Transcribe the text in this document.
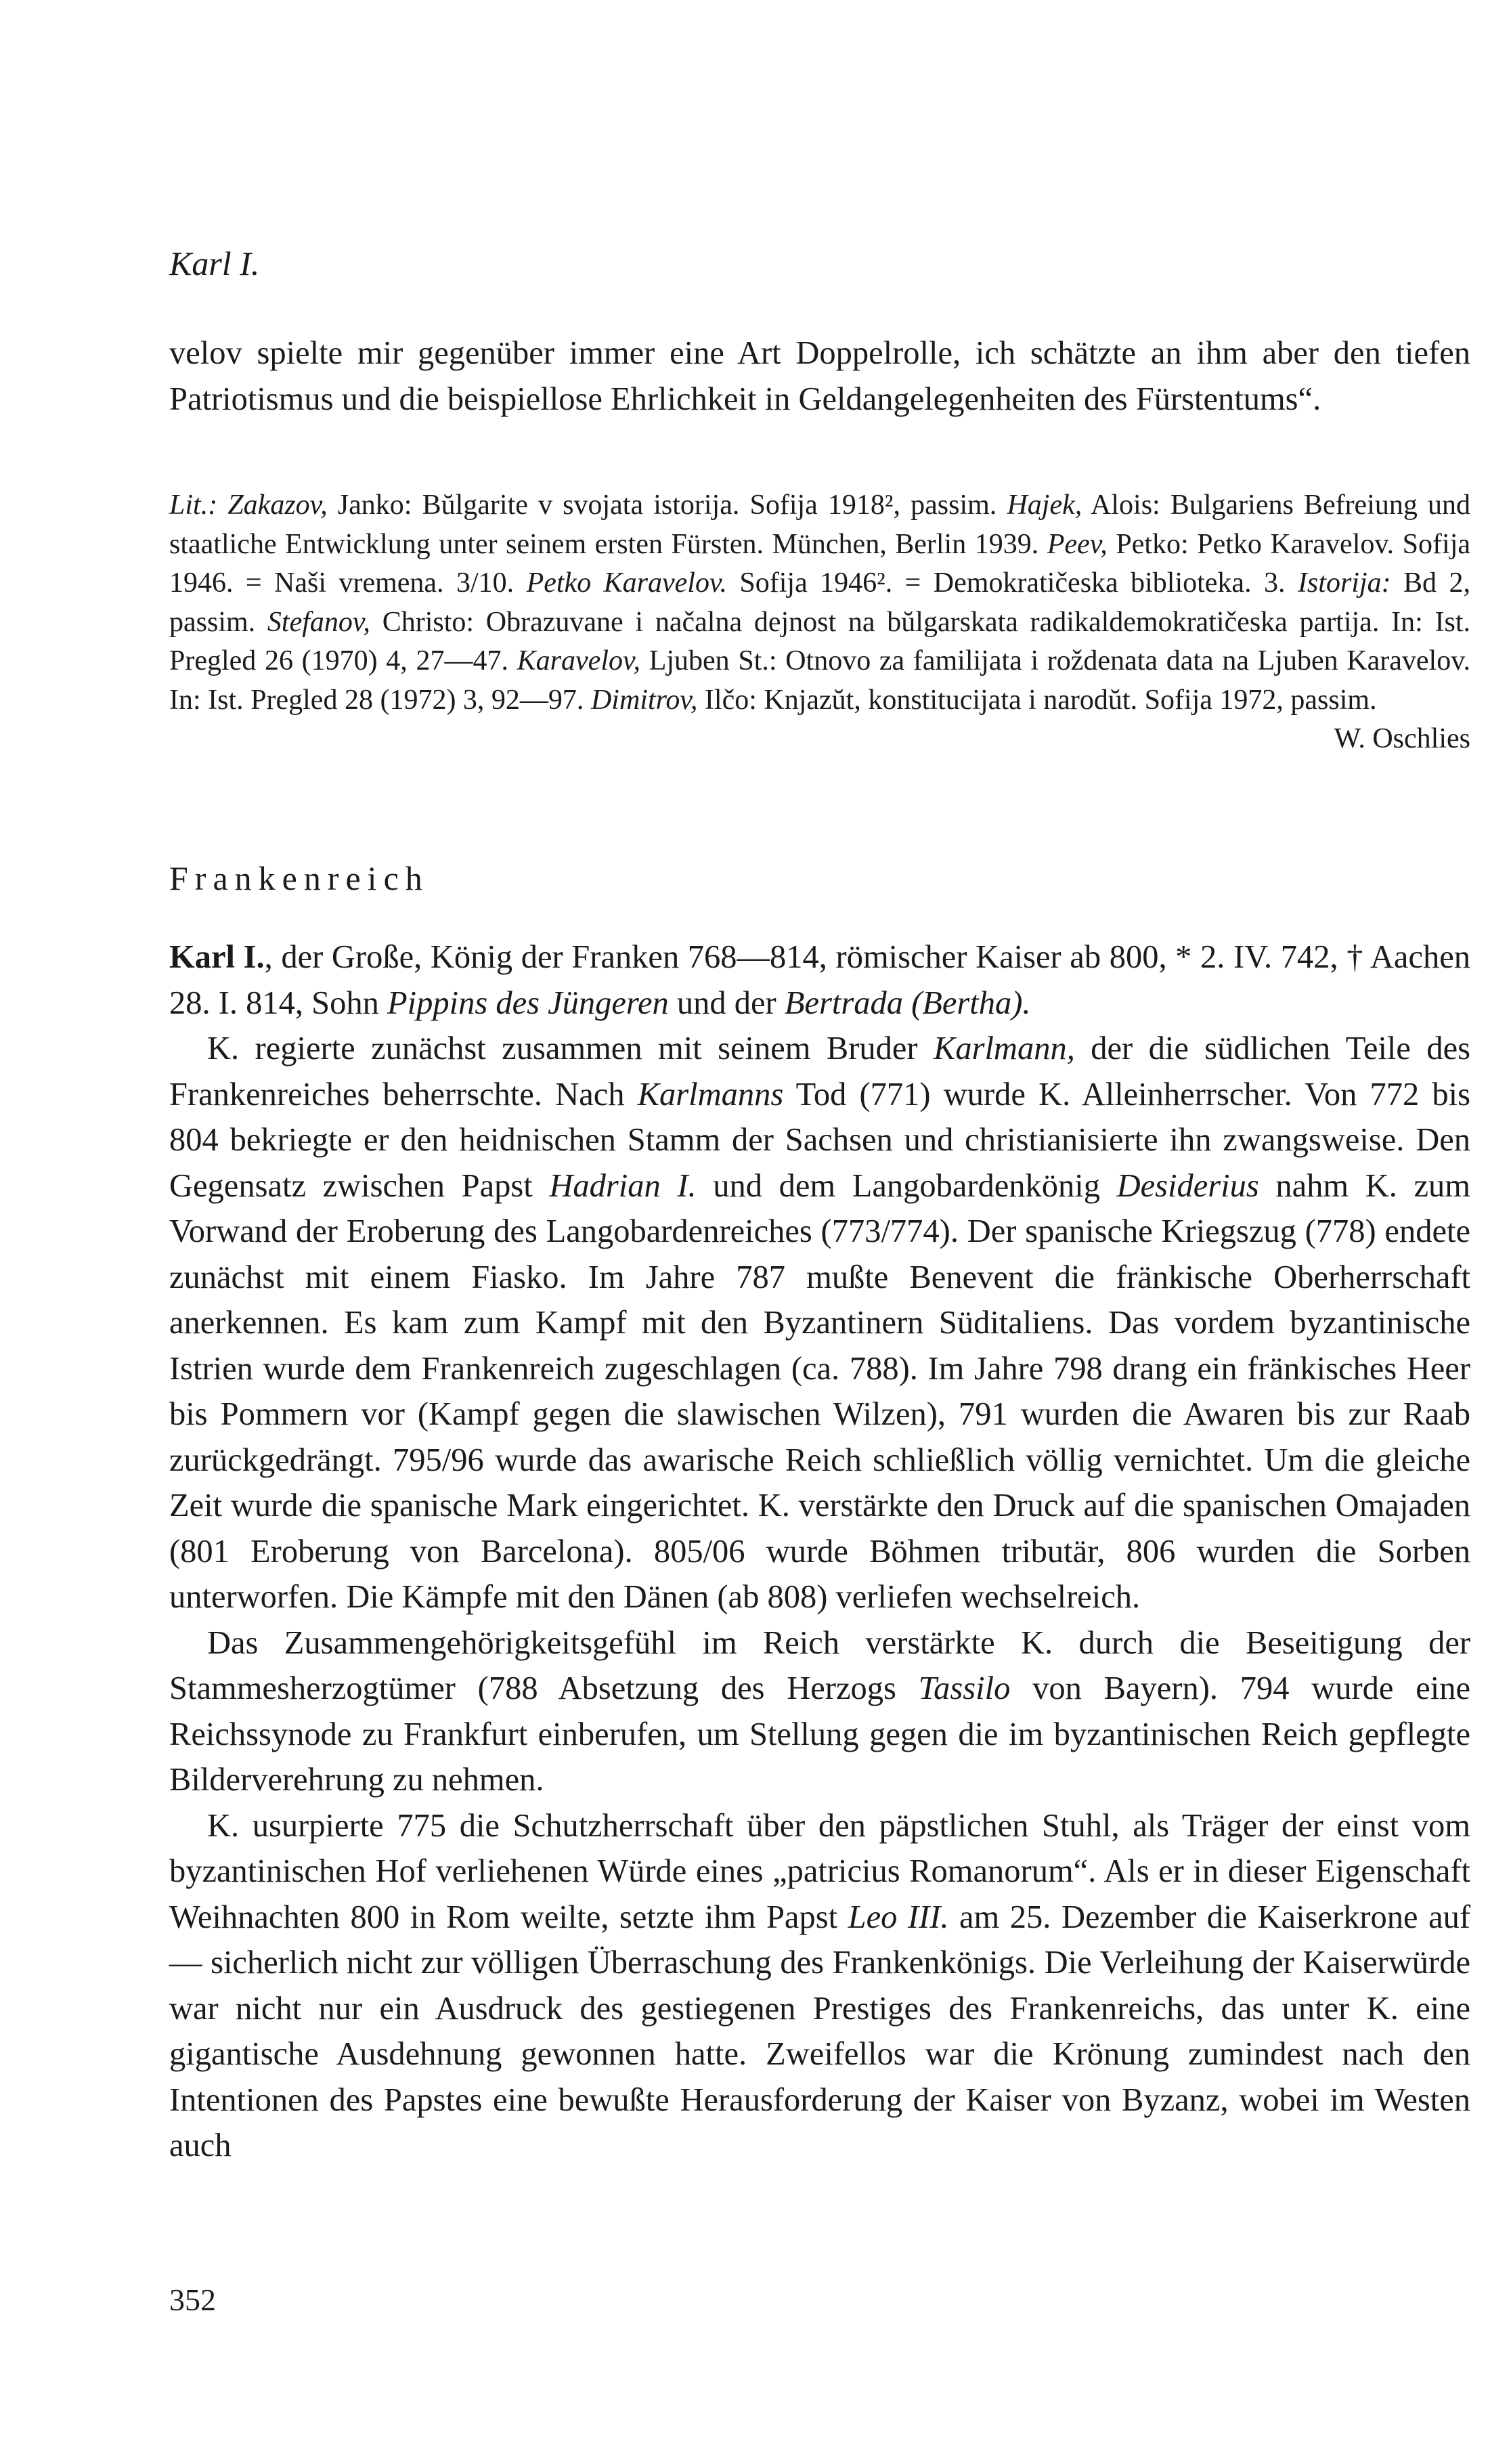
Karl I.

velov spielte mir gegenüber immer eine Art Doppelrolle, ich schätzte an ihm aber den tiefen Patriotismus und die beispiellose Ehrlichkeit in Geldangelegenheiten des Fürstentums“.

Lit.: Zakazov, Janko: Bŭlgarite v svojata istorija. Sofija 1918², passim. Hajek, Alois: Bulgariens Befreiung und staatliche Entwicklung unter seinem ersten Fürsten. München, Berlin 1939. Peev, Petko: Petko Karavelov. Sofija 1946. = Naši vremena. 3/10. Petko Karavelov. Sofija 1946². = Demokratičeska biblioteka. 3. Istorija: Bd 2, passim. Stefanov, Christo: Obrazuvane i načalna dejnost na bŭlgarskata radikaldemokratičeska partija. In: Ist. Pregled 26 (1970) 4, 27—47. Karavelov, Ljuben St.: Otnovo za familijata i roždenata data na Ljuben Karavelov. In: Ist. Pregled 28 (1972) 3, 92—97. Dimitrov, Ilčo: Knjazŭt, konstitucijata i narodŭt. Sofija 1972, passim.
W. Oschlies

Frankenreich

Karl I., der Große, König der Franken 768—814, römischer Kaiser ab 800, * 2. IV. 742, † Aachen 28. I. 814, Sohn Pippins des Jüngeren und der Bertrada (Bertha).

K. regierte zunächst zusammen mit seinem Bruder Karlmann, der die südlichen Teile des Frankenreiches beherrschte. Nach Karlmanns Tod (771) wurde K. Alleinherrscher. Von 772 bis 804 bekriegte er den heidnischen Stamm der Sachsen und christianisierte ihn zwangsweise. Den Gegensatz zwischen Papst Hadrian I. und dem Langobardenkönig Desiderius nahm K. zum Vorwand der Eroberung des Langobardenreiches (773/774). Der spanische Kriegszug (778) endete zunächst mit einem Fiasko. Im Jahre 787 mußte Benevent die fränkische Oberherrschaft anerkennen. Es kam zum Kampf mit den Byzantinern Süditaliens. Das vordem byzantinische Istrien wurde dem Frankenreich zugeschlagen (ca. 788). Im Jahre 798 drang ein fränkisches Heer bis Pommern vor (Kampf gegen die slawischen Wilzen), 791 wurden die Awaren bis zur Raab zurückgedrängt. 795/96 wurde das awarische Reich schließlich völlig vernichtet. Um die gleiche Zeit wurde die spanische Mark eingerichtet. K. verstärkte den Druck auf die spanischen Omajaden (801 Eroberung von Barcelona). 805/06 wurde Böhmen tributär, 806 wurden die Sorben unterworfen. Die Kämpfe mit den Dänen (ab 808) verliefen wechselreich.

Das Zusammengehörigkeitsgefühl im Reich verstärkte K. durch die Beseitigung der Stammesherzogtümer (788 Absetzung des Herzogs Tassilo von Bayern). 794 wurde eine Reichssynode zu Frankfurt einberufen, um Stellung gegen die im byzantinischen Reich gepflegte Bilderverehrung zu nehmen.

K. usurpierte 775 die Schutzherrschaft über den päpstlichen Stuhl, als Träger der einst vom byzantinischen Hof verliehenen Würde eines „patricius Romanorum“. Als er in dieser Eigenschaft Weihnachten 800 in Rom weilte, setzte ihm Papst Leo III. am 25. Dezember die Kaiserkrone auf — sicherlich nicht zur völligen Überraschung des Frankenkönigs. Die Verleihung der Kaiserwürde war nicht nur ein Ausdruck des gestiegenen Prestiges des Frankenreichs, das unter K. eine gigantische Ausdehnung gewonnen hatte. Zweifellos war die Krönung zumindest nach den Intentionen des Papstes eine bewußte Herausforderung der Kaiser von Byzanz, wobei im Westen auch

352
